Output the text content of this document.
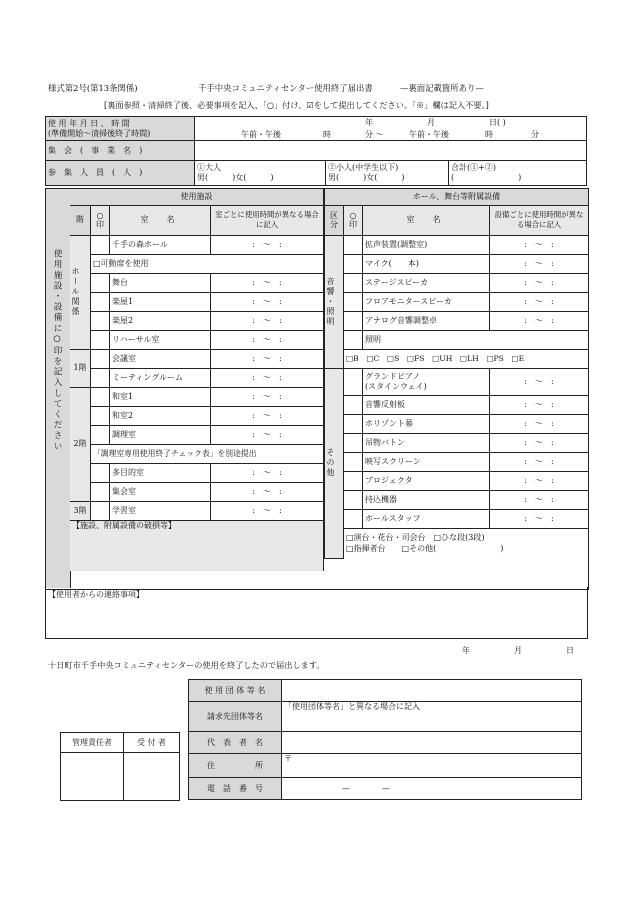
様式第2号(第13条関係)	千手中央コミュニティセンター使用終了届出書	—裏面記載箇所あり—
[裏面参照・清掃終了後、必要事項を記入、「○」付け、☑をして提出してください。「※」欄は記入不要。]
使 用 年 月 日 、 時 間
(準備開始～清掃後終了時間)

年	月	日( )
午前・午後	時	分 ～	午前・午後	時	分

集　会　(　事　業　名　)	
参　集　人　員　(　人　)	
①大人
男(　　　)女(　　　)

②小人(中学生以下)
男(　　　)女(　　　)

合計(①+②)
(　　　　　　　　)
使用施設・設備に○印を記入してください
使用施設			
階	○印	室　名	室ごとに使用時間が異なる場合に記入

ホール関係		千手の森ホール	:　～　:
	□可動席を使用		
		舞台	:　～　:
		楽屋1	:　～　:
		楽屋2	:　～　:
		リハーサル室	:　～　:
1階		会議室	:　～　:
		ミーティングルーム	:　～　:
2階		和室1	:　～　:
		和室2	:　～　:
		調理室	:　～　:
	「調理室専用使用終了チェック表」を別途提出		
		多目的室	:　～　:
		集会室	:　～　:
3階		学習室	:　～　:
【施設、附属設備の破損等】			
ホール、舞台等附属設備			
区分	○印	室　名	設備ごとに使用時間が異なる場合に記入

音響・照明		拡声装置(調整室)	:　～　:
		マイク(　　本)	:　～　:
		ステージスピーカ	:　～　:
		フロアモニタースピーカ	:　～　:
		アナログ音響調整卓	:　～　:
		照明	
	□B　□C　□S　□FS　□UH　□LH　□PS　□E		

その他		グランドピアノ
(スタインウェイ)	:　～　:
		音響反射板	:　～　:
		ホリゾント幕	:　～　:
		吊物バトン	:　～　:
		映写スクリーン	:　～　:
		プロジェクタ	:　～　:
		持込機器	:　～　:
		ホールスタッフ	:　～　:

	□演台・花台・司会台　□ひな段(3段)
□指揮者台　　□その他(　　　　　　　　)		
【使用者からの連絡事項】
年	月	日
十日町市千手中央コミュニティセンターの使用を終了したので届出します。
使 用 団 体 等 名	
請求先団体等名	「使用団体等名」と異なる場合に記入
代　表　者　名	
住　　　　　所	〒
電　話　番　号	—　　　　—
管理責任者	受 付 者
